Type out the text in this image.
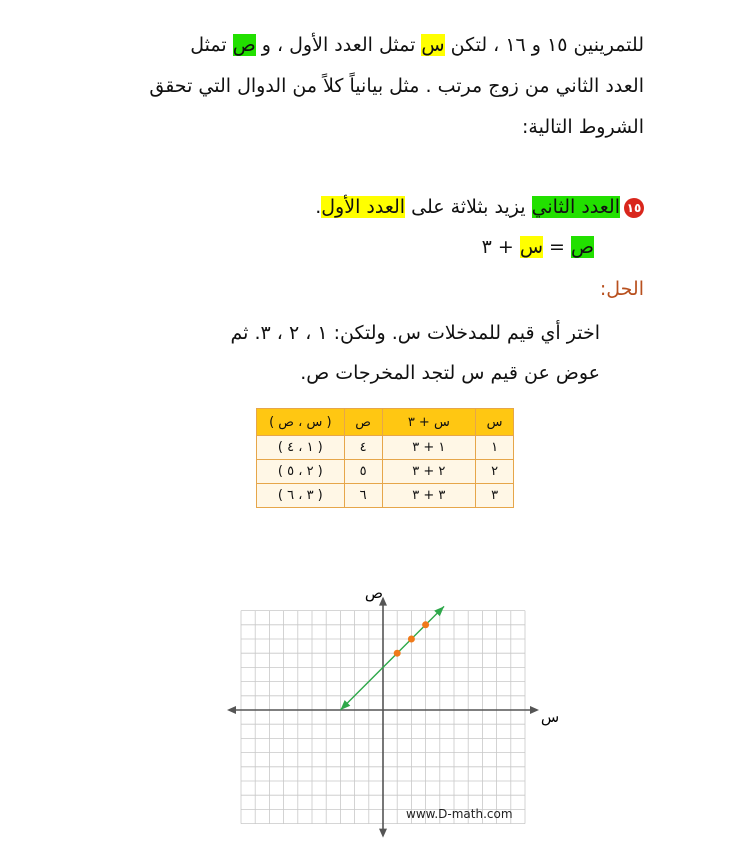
للتمرينين ١٥ و ١٦ ، لتكن س تمثل العدد الأول ، و ص تمثل
العدد الثاني من زوج مرتب . مثل بيانياً كلاً من الدوال التي تحقق
الشروط التالية:
١٥العدد الثاني يزيد بثلاثة على العدد الأول.
ص = س + ٣
الحل:
اختر أي قيم للمدخلات س. ولتكن: ١ ، ٢ ، ٣. ثم
عوض عن قيم س لتجد المخرجات ص.
س	س + ٣	ص	( س ، ص )
١	١ + ٣	٤	( ١ ، ٤ )
٢	٢ + ٣	٥	( ٢ ، ٥ )
٣	٣ + ٣	٦	( ٣ ، ٦ )
س
ص
www.D-math.com
